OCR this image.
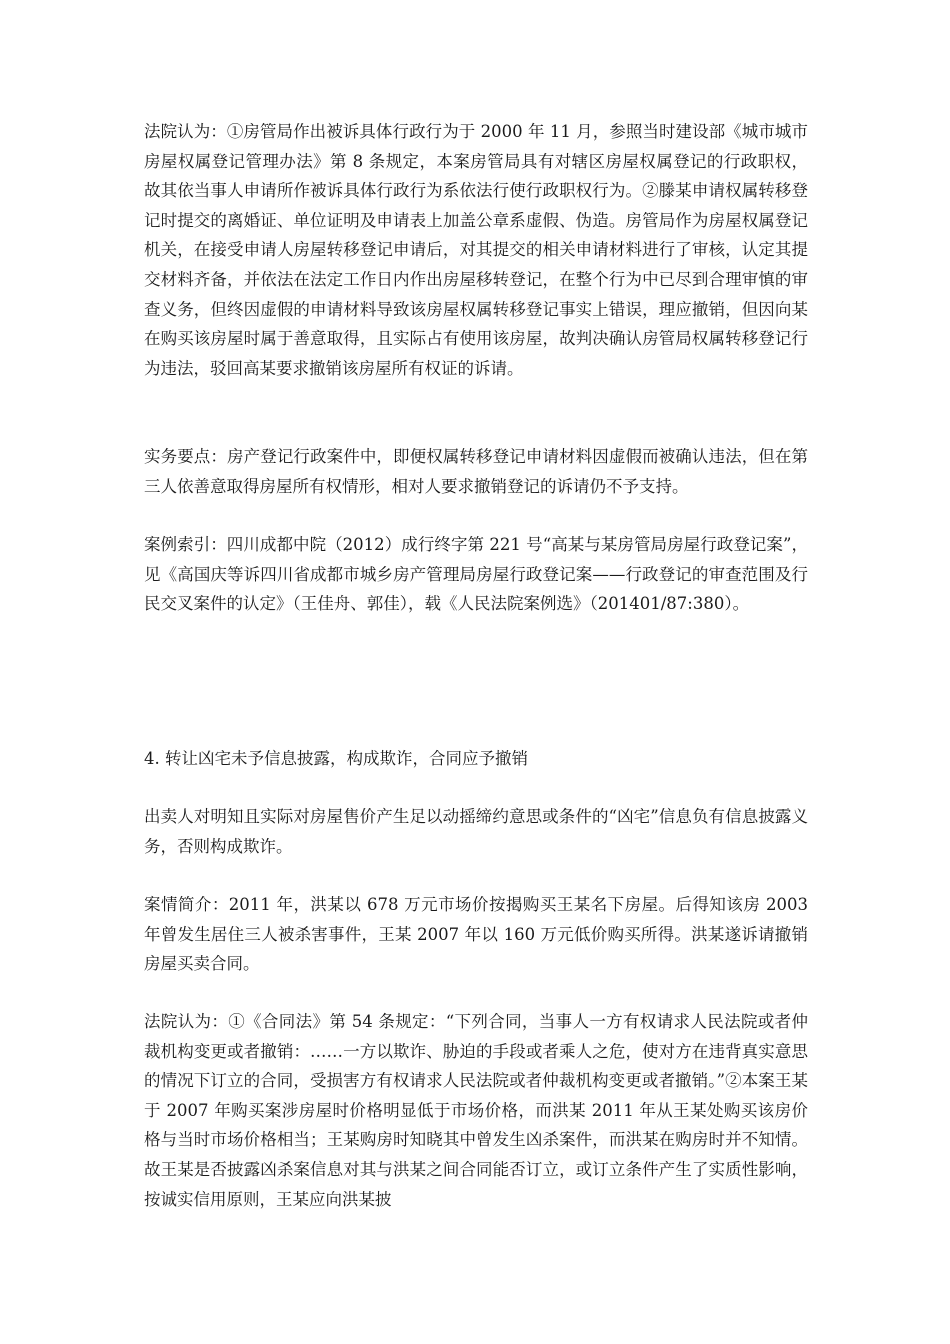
法院认为：①房管局作出被诉具体行政行为于 2000 年 11 月，参照当时建设部《城市城市房屋权属登记管理办法》第 8 条规定，本案房管局具有对辖区房屋权属登记的行政职权，故其依当事人申请所作被诉具体行政行为系依法行使行政职权行为。②滕某申请权属转移登记时提交的离婚证、单位证明及申请表上加盖公章系虚假、伪造。房管局作为房屋权属登记机关，在接受申请人房屋转移登记申请后，对其提交的相关申请材料进行了审核，认定其提交材料齐备，并依法在法定工作日内作出房屋移转登记，在整个行为中已尽到合理审慎的审查义务，但终因虚假的申请材料导致该房屋权属转移登记事实上错误，理应撤销，但因向某在购买该房屋时属于善意取得，且实际占有使用该房屋，故判决确认房管局权属转移登记行为违法，驳回高某要求撤销该房屋所有权证的诉请。

实务要点：房产登记行政案件中，即便权属转移登记申请材料因虚假而被确认违法，但在第三人依善意取得房屋所有权情形，相对人要求撤销登记的诉请仍不予支持。

案例索引：四川成都中院（2012）成行终字第 221 号“高某与某房管局房屋行政登记案”，见《高国庆等诉四川省成都市城乡房产管理局房屋行政登记案——行政登记的审查范围及行民交叉案件的认定》（王佳舟、郭佳），载《人民法院案例选》（201401/87:380）。

4. 转让凶宅未予信息披露，构成欺诈，合同应予撤销

出卖人对明知且实际对房屋售价产生足以动摇缔约意思或条件的“凶宅”信息负有信息披露义务，否则构成欺诈。

案情简介：2011 年，洪某以 678 万元市场价按揭购买王某名下房屋。后得知该房 2003 年曾发生居住三人被杀害事件，王某 2007 年以 160 万元低价购买所得。洪某遂诉请撤销房屋买卖合同。

法院认为：①《合同法》第 54 条规定：“下列合同，当事人一方有权请求人民法院或者仲裁机构变更或者撤销：……一方以欺诈、胁迫的手段或者乘人之危，使对方在违背真实意思的情况下订立的合同，受损害方有权请求人民法院或者仲裁机构变更或者撤销。”②本案王某于 2007 年购买案涉房屋时价格明显低于市场价格，而洪某 2011 年从王某处购买该房价格与当时市场价格相当；王某购房时知晓其中曾发生凶杀案件，而洪某在购房时并不知情。故王某是否披露凶杀案信息对其与洪某之间合同能否订立，或订立条件产生了实质性影响，按诚实信用原则，王某应向洪某披
